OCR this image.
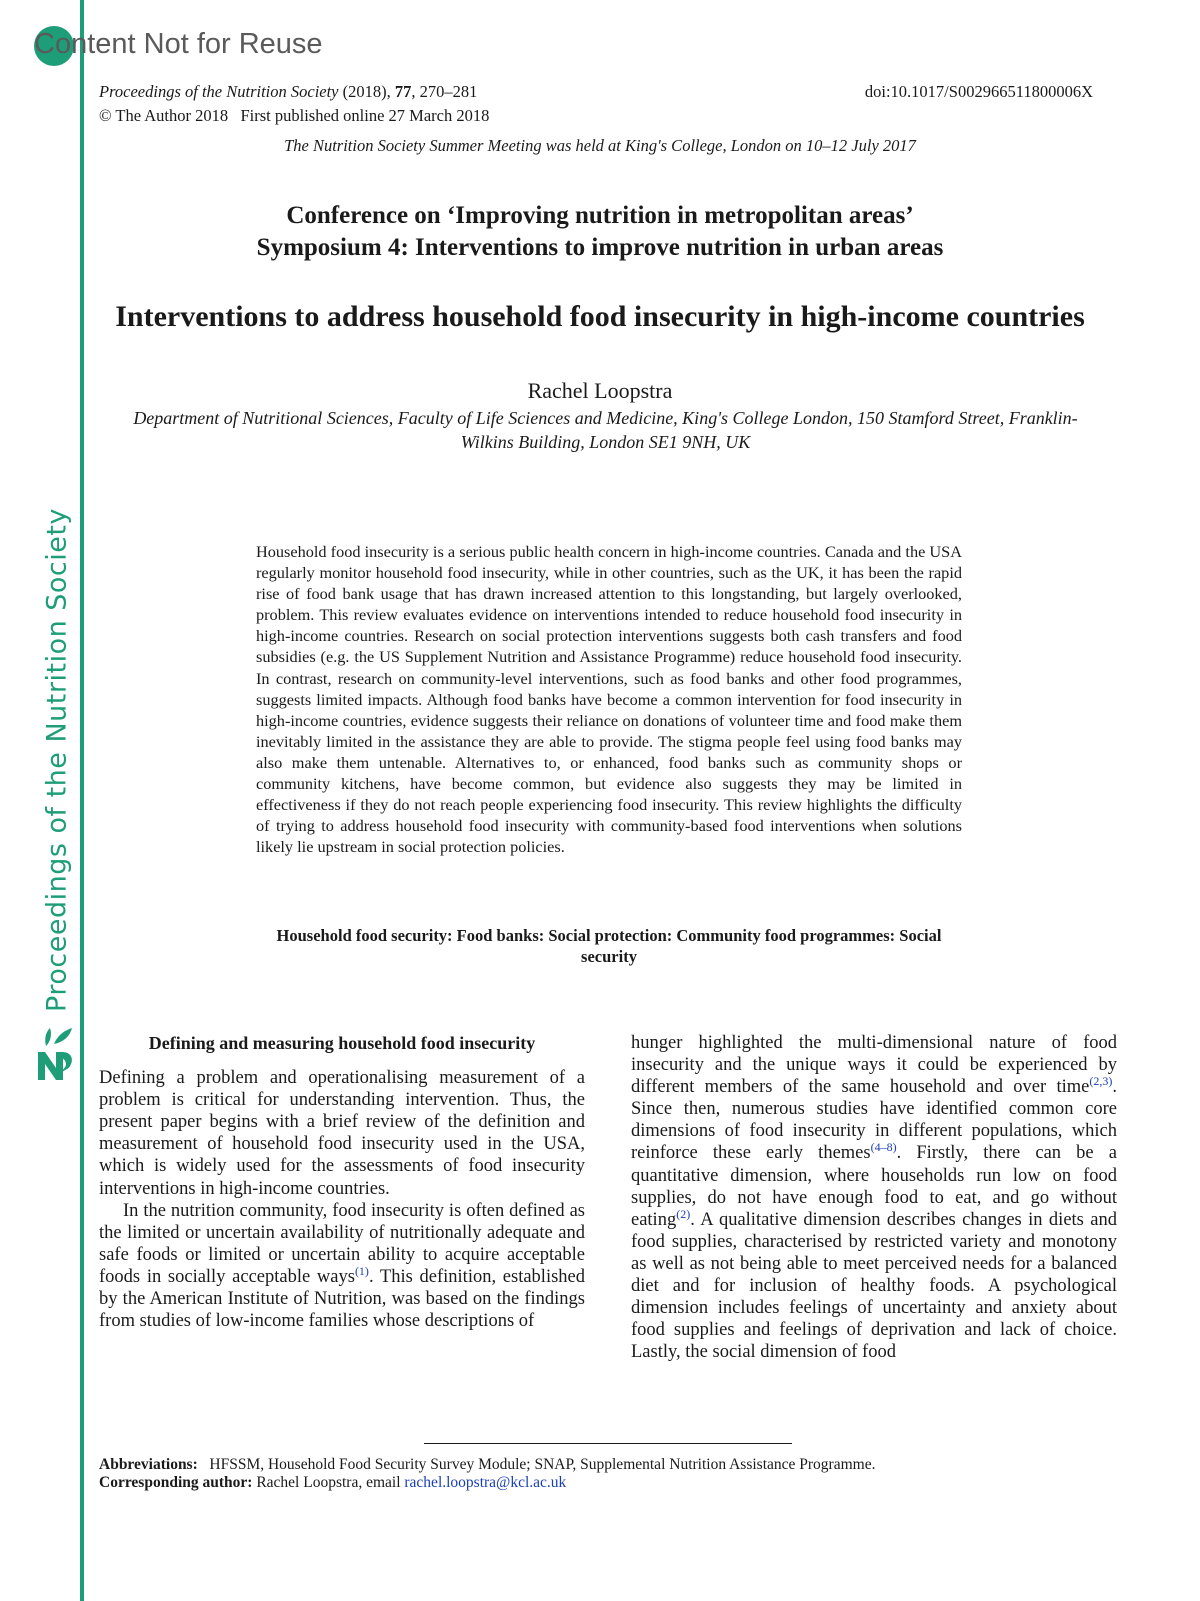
Proceedings of the Nutrition Society
Content Not for Reuse
Proceedings of the Nutrition Society (2018), 77, 270–281
© The Author 2018 First published online 27 March 2018
doi:10.1017/S002966511800006X
The Nutrition Society Summer Meeting was held at King's College, London on 10–12 July 2017
Conference on ‘Improving nutrition in metropolitan areas’
Symposium 4: Interventions to improve nutrition in urban areas
Interventions to address household food insecurity in high-income countries
Rachel Loopstra
Department of Nutritional Sciences, Faculty of Life Sciences and Medicine, King's College London, 150 Stamford Street, Franklin-Wilkins Building, London SE1 9NH, UK
Household food insecurity is a serious public health concern in high-income countries. Canada and the USA regularly monitor household food insecurity, while in other countries, such as the UK, it has been the rapid rise of food bank usage that has drawn increased attention to this longstanding, but largely overlooked, problem. This review evaluates evidence on interventions intended to reduce household food insecurity in high-income countries. Research on social protection interventions suggests both cash transfers and food subsidies (e.g. the US Supplement Nutrition and Assistance Programme) reduce household food insecurity. In contrast, research on community-level interventions, such as food banks and other food programmes, suggests limited impacts. Although food banks have become a common intervention for food insecurity in high-income countries, evidence suggests their reliance on donations of volunteer time and food make them inevitably limited in the assistance they are able to provide. The stigma people feel using food banks may also make them untenable. Alternatives to, or enhanced, food banks such as community shops or community kitchens, have become common, but evidence also suggests they may be limited in effectiveness if they do not reach people experiencing food insecurity. This review highlights the difficulty of trying to address household food insecurity with community-based food interventions when solutions likely lie upstream in social protection policies.
Household food security: Food banks: Social protection: Community food programmes: Social security
Defining and measuring household food insecurity

Defining a problem and operationalising measurement of a problem is critical for understanding intervention. Thus, the present paper begins with a brief review of the definition and measurement of household food insecurity used in the USA, which is widely used for the assessments of food insecurity interventions in high-income countries.

In the nutrition community, food insecurity is often defined as the limited or uncertain availability of nutritionally adequate and safe foods or limited or uncertain ability to acquire acceptable foods in socially acceptable ways$^{(1)}$. This definition, established by the American Institute of Nutrition, was based on the findings from studies of low-income families whose descriptions of

hunger highlighted the multi-dimensional nature of food insecurity and the unique ways it could be experienced by different members of the same household and over time$^{(2,3)}$. Since then, numerous studies have identified common core dimensions of food insecurity in different populations, which reinforce these early themes$^{(4-8)}$. Firstly, there can be a quantitative dimension, where households run low on food supplies, do not have enough food to eat, and go without eating$^{(2)}$. A qualitative dimension describes changes in diets and food supplies, characterised by restricted variety and monotony as well as not being able to meet perceived needs for a balanced diet and for inclusion of healthy foods. A psychological dimension includes feelings of uncertainty and anxiety about food supplies and feelings of deprivation and lack of choice. Lastly, the social dimension of food

Abbreviations: HFSSM, Household Food Security Survey Module; SNAP, Supplemental Nutrition Assistance Programme.
Corresponding author: Rachel Loopstra, email rachel.loopstra@kcl.ac.uk
